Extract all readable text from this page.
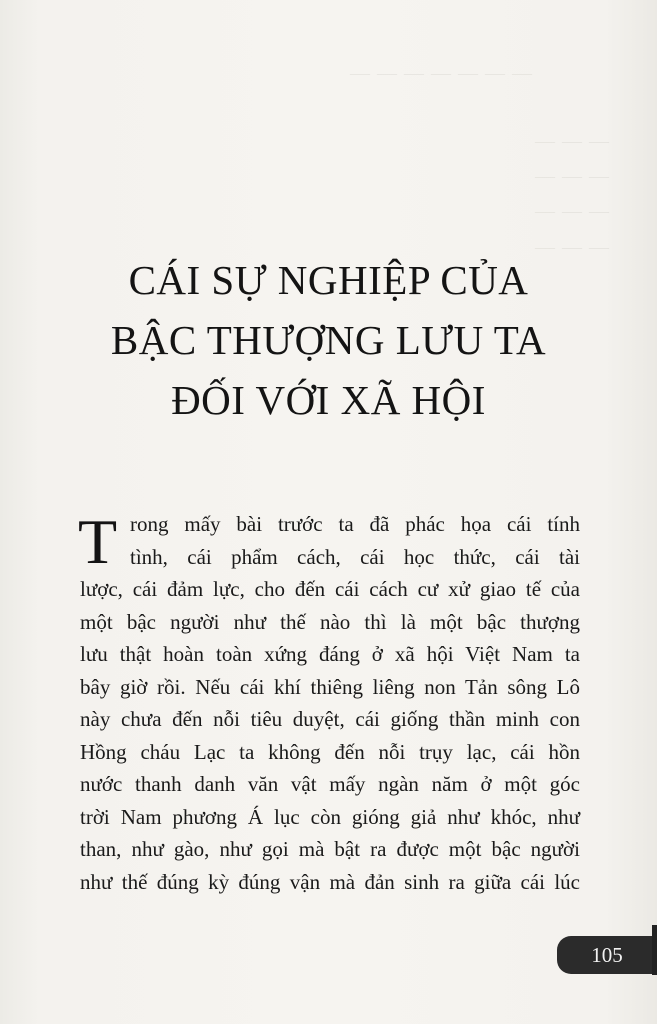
— — — — — — —
— — —
— — —
— — —
— — —
CÁI SỰ NGHIỆP CỦA
BẬC THƯỢNG LƯU TA
ĐỐI VỚI XÃ HỘI
T rong mấy bài trước ta đã phác họa cái tính
tình, cái phẩm cách, cái học thức, cái tài
lược, cái đảm lực, cho đến cái cách cư xử giao tế của
một bậc người như thế nào thì là một bậc thượng
lưu thật hoàn toàn xứng đáng ở xã hội Việt Nam ta
bây giờ rồi. Nếu cái khí thiêng liêng non Tản sông Lô
này chưa đến nỗi tiêu duyệt, cái giống thần minh con
Hồng cháu Lạc ta không đến nỗi trụy lạc, cái hồn
nước thanh danh văn vật mấy ngàn năm ở một góc
trời Nam phương Á lục còn gióng giả như khóc, như
than, như gào, như gọi mà bật ra được một bậc người
như thế đúng kỳ đúng vận mà đản sinh ra giữa cái lúc
105
